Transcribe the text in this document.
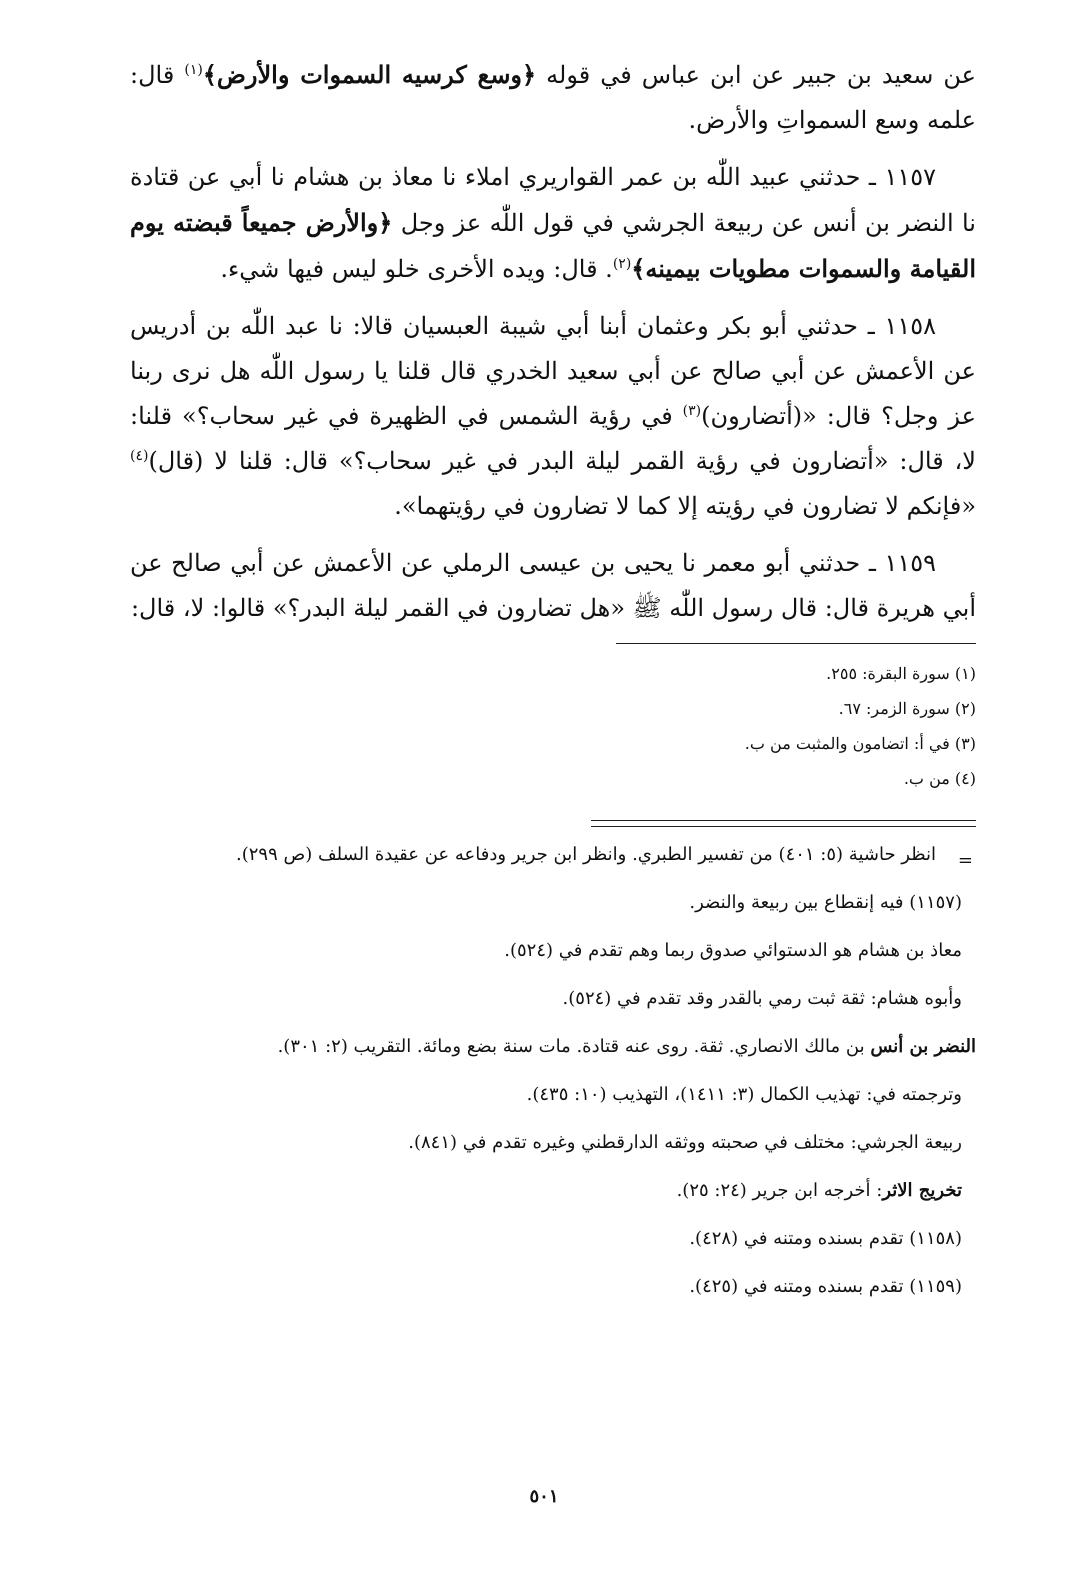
عن سعيد بن جبير عن ابن عباس في قوله ﴿وسع كرسيه السموات والأرض﴾$^{(١)}$ قال: علمه وسع السمواتِ والأرض.

١١٥٧ ـ حدثني عبيد اللّٰه بن عمر القواريري املاء نا معاذ بن هشام نا أبي عن قتادة نا النضر بن أنس عن ربيعة الجرشي في قول اللّٰه عز وجل ﴿والأرض جميعاً قبضته يوم القيامة والسموات مطويات بيمينه﴾$^{(٢)}$. قال: ويده الأخرى خلو ليس فيها شيء.

١١٥٨ ـ حدثني أبو بكر وعثمان أبنا أبي شيبة العبسيان قالا: نا عبد اللّٰه بن أدريس عن الأعمش عن أبي صالح عن أبي سعيد الخدري قال قلنا يا رسول اللّٰه هل نرى ربنا عز وجل؟ قال: «(أتضارون)$^{(٣)}$ في رؤية الشمس في الظهيرة في غير سحاب؟» قلنا: لا، قال: «أتضارون في رؤية القمر ليلة البدر في غير سحاب؟» قال: قلنا لا (قال)$^{(٤)}$ «فإنكم لا تضارون في رؤيته إلا كما لا تضارون في رؤيتهما».

١١٥٩ ـ حدثني أبو معمر نا يحيى بن عيسى الرملي عن الأعمش عن أبي صالح عن أبي هريرة قال: قال رسول اللّٰه ﷺ «هل تضارون في القمر ليلة البدر؟» قالوا: لا، قال:

(١) سورة البقرة: ٢٥٥.
(٢) سورة الزمر: ٦٧.
(٣) في أ: اتضامون والمثبت من ب.
(٤) من ب.
=

انظر حاشية (٥: ٤٠١) من تفسير الطبري. وانظر ابن جرير ودفاعه عن عقيدة السلف (ص ٢٩٩).

(١١٥٧) فيه إنقطاع بين ربيعة والنضر.

معاذ بن هشام هو الدستوائي صدوق ربما وهم تقدم في (٥٢٤).

وأبوه هشام: ثقة ثبت رمي بالقدر وقد تقدم في (٥٢٤).

النضر بن أنس بن مالك الانصاري. ثقة. روى عنه قتادة. مات سنة بضع ومائة. التقريب (٢: ٣٠١).

وترجمته في: تهذيب الكمال (٣: ١٤١١)، التهذيب (١٠: ٤٣٥).

ربيعة الجرشي: مختلف في صحبته ووثقه الدارقطني وغيره تقدم في (٨٤١).

تخريج الاثر: أخرجه ابن جرير (٢٤: ٢٥).

(١١٥٨) تقدم بسنده ومتنه في (٤٢٨).

(١١٥٩) تقدم بسنده ومتنه في (٤٢٥).

٥٠١
